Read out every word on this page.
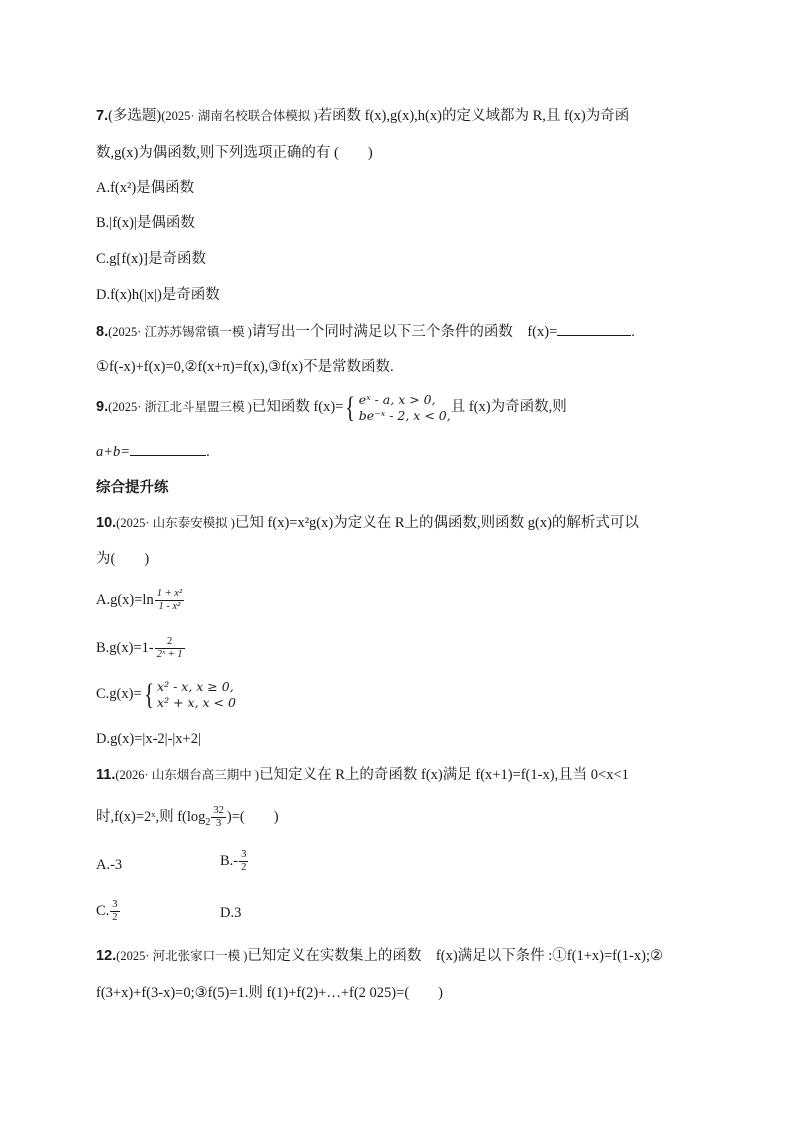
7.(多选题)(2025· 湖南名校联合体模拟 )若函数 f(x),g(x),h(x)的定义域都为 R,且 f(x)为奇函
数,g(x)为偶函数,则下列选项正确的有 (　　)
A.f(x²)是偶函数
B.|f(x)|是偶函数
C.g[f(x)]是奇函数
D.f(x)h(|x|)是奇函数
8.(2025· 江苏苏锡常镇一模 )请写出一个同时满足以下三个条件的函数　f(x)=	.
①f(-x)+f(x)=0,②f(x+π)=f(x),③f(x)不是常数函数.
9.(2025· 浙江北斗星盟三模 )已知函数 f(x)={ eˣ - a, x > 0,
be⁻ˣ - 2, x < 0,
且 f(x)为奇函数,则
a+b=	.
综合提升练
10.(2025· 山东泰安模拟 )已知 f(x)=x²g(x)为定义在 R上的偶函数,则函数 g(x)的解析式可以
为(　　)
$A.g(x)=\ln \frac{\text{1 + x²}}{\text{1 - x²}}$
$B.g(x)=1- \frac{2}{\text{2ˣ + 1}}$
C.g(x)={ x² - x, x ≥ 0,
x² + x, x < 0
D.g(x)=|x-2|-|x+2|
11.(2026· 山东烟台高三期中 )已知定义在 R上的奇函数 f(x)满足 f(x+1)=f(1-x),且当 0<x<1
时,f(x)=2ˣ,则 $f(\log_2 \frac{32}{3}$ )=(　　)
A.-3	$B.- \frac{3}{2}$
C. $\frac{3}{2}$	D.3
12.(2025· 河北张家口一模 )已知定义在实数集上的函数　f(x)满足以下条件 :①f(1+x)=f(1-x);②
f(3+x)+f(3-x)=0;③f(5)=1.则 f(1)+f(2)+…+f(2 025)=(　　)
